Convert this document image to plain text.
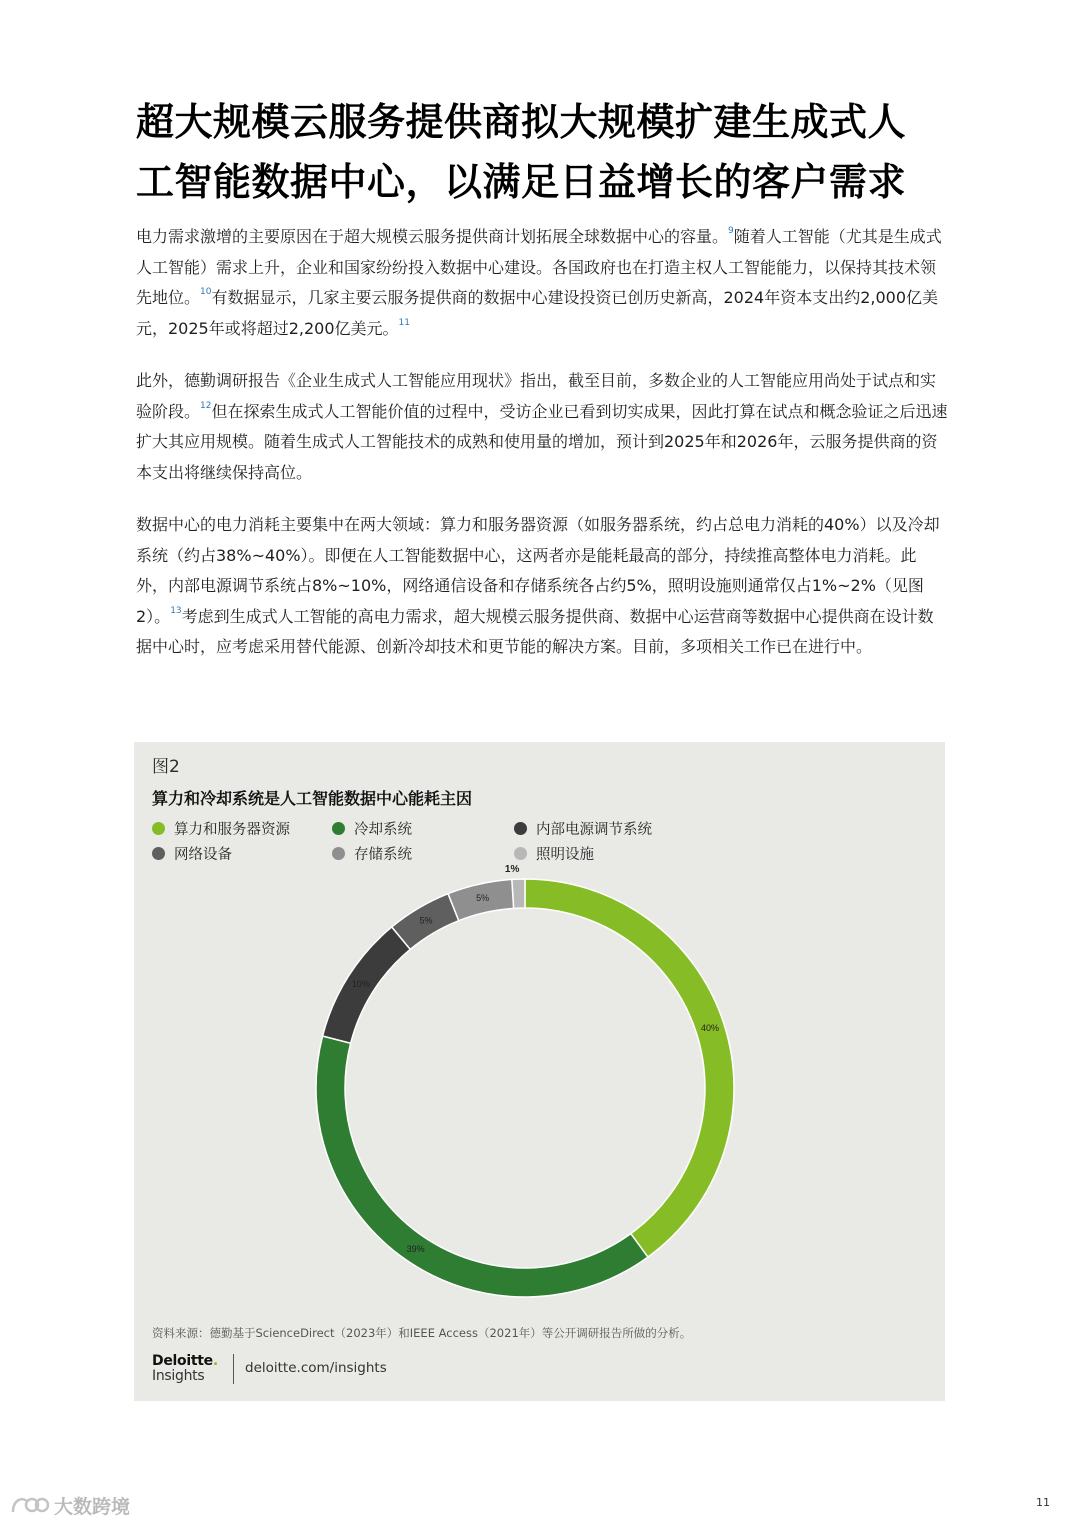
超大规模云服务提供商拟大规模扩建生成式人
工智能数据中心，以满足日益增长的客户需求

电力需求激增的主要原因在于超大规模云服务提供商计划拓展全球数据中心的容量。$^9$随着人工智能（尤其是生成式人工智能）需求上升，企业和国家纷纷投入数据中心建设。各国政府也在打造主权人工智能能力，以保持其技术领先地位。$^{10}$有数据显示，几家主要云服务提供商的数据中心建设投资已创历史新高，2024年资本支出约2,000亿美元，2025年或将超过2,200亿美元。$^{11}$

此外，德勤调研报告《企业生成式人工智能应用现状》指出，截至目前，多数企业的人工智能应用尚处于试点和实验阶段。$^{12}$但在探索生成式人工智能价值的过程中，受访企业已看到切实成果，因此打算在试点和概念验证之后迅速扩大其应用规模。随着生成式人工智能技术的成熟和使用量的增加，预计到2025年和2026年，云服务提供商的资本支出将继续保持高位。

数据中心的电力消耗主要集中在两大领域：算力和服务器资源（如服务器系统，约占总电力消耗的40%）以及冷却系统（约占38%~40%）。即便在人工智能数据中心，这两者亦是能耗最高的部分，持续推高整体电力消耗。此外，内部电源调节系统占8%~10%，网络通信设备和存储系统各占约5%，照明设施则通常仅占1%~2%（见图2）。$^{13}$考虑到生成式人工智能的高电力需求，超大规模云服务提供商、数据中心运营商等数据中心提供商在设计数据中心时，应考虑采用替代能源、创新冷却技术和更节能的解决方案。目前，多项相关工作已在进行中。

图2
算力和冷却系统是人工智能数据中心能耗主因
算力和服务器资源	冷却系统	内部电源调节系统
网络设备	存储系统	照明设施
40%
39%
10%
5%
5%
1%
资料来源：德勤基于ScienceDirect（2023年）和IEEE Access（2021年）等公开调研报告所做的分析。
Deloitte.
Insights	deloitte.com/insights
大数跨境	11
